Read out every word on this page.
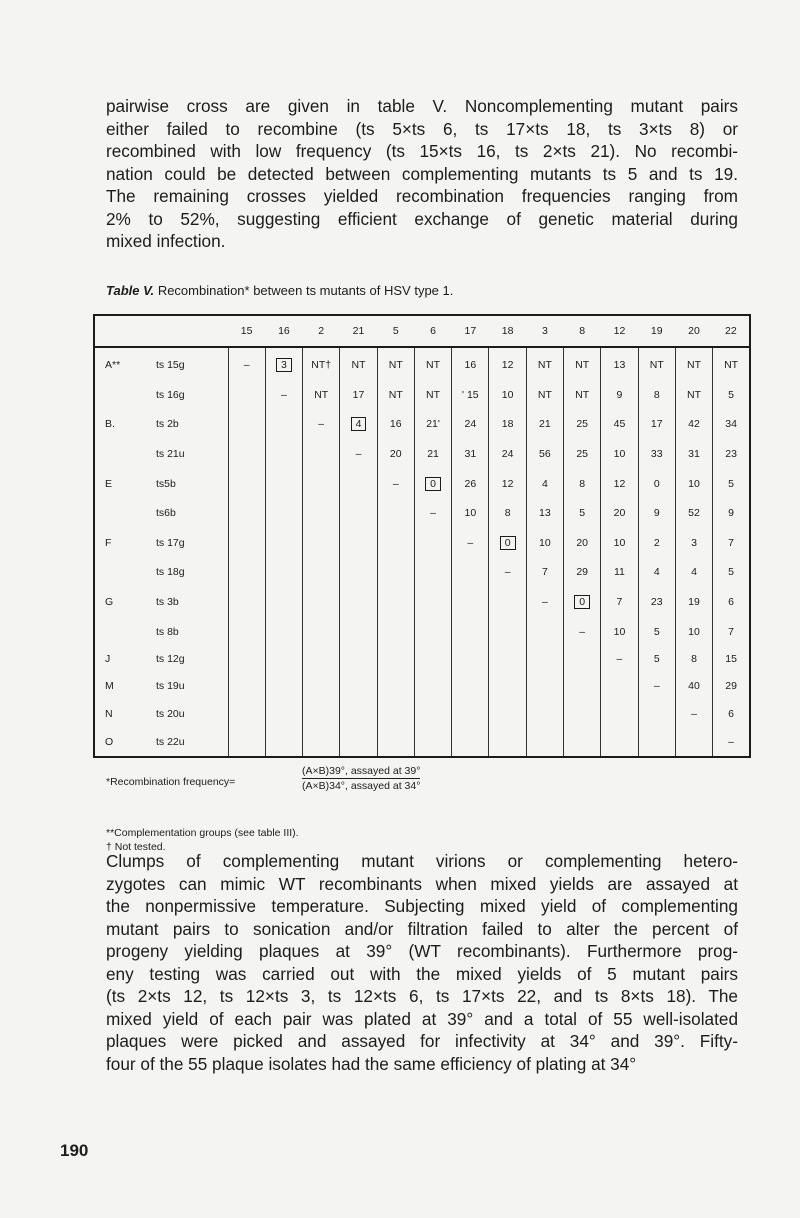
pairwise cross are given in table V. Noncomplementing mutant pairs
either failed to recombine (ts 5×ts 6, ts 17×ts 18, ts 3×ts 8) or
recombined with low frequency (ts 15×ts 16, ts 2×ts 21). No recombi-
nation could be detected between complementing mutants ts 5 and ts 19.
The remaining crosses yielded recombination frequencies ranging from
2% to 52%, suggesting efficient exchange of genetic material during
mixed infection.

Table V. Recombination* between ts mutants of HSV type 1.

		15	16	2	21	5	6	17	18	3	8	12	19	20	22
A**	ts 15g	–	3	NT†	NT	NT	NT	16	12	NT	NT	13	NT	NT	NT
	ts 16g		–	NT	17	NT	NT	' 15	10	NT	NT	9	8	NT	5
B.	ts 2b			–	4	16	21'	24	18	21	25	45	17	42	34
	ts 21u				–	20	21	31	24	56	25	10	33	31	23
E	ts5b					–	0	26	12	4	8	12	0	10	5
	ts6b						–	10	8	13	5	20	9	52	9
F	ts 17g							–	0	10	20	10	2	3	7
	ts 18g								–	7	29	11	4	4	5
G	ts 3b									–	0	7	23	19	6
	ts 8b										–	10	5	10	7
J	ts 12g											–	5	8	15
M	ts 19u												–	40	29
N	ts 20u													–	6
O	ts 22u														–
*Recombination frequency=
(A×B)39°, assayed at 39°
(A×B)34°, assayed at 34°
**Complementation groups (see table III).
† Not tested.
Clumps of complementing mutant virions or complementing hetero-
zygotes can mimic WT recombinants when mixed yields are assayed at
the nonpermissive temperature. Subjecting mixed yield of complementing
mutant pairs to sonication and/or filtration failed to alter the percent of
progeny yielding plaques at 39° (WT recombinants). Furthermore prog-
eny testing was carried out with the mixed yields of 5 mutant pairs
(ts 2×ts 12, ts 12×ts 3, ts 12×ts 6, ts 17×ts 22, and ts 8×ts 18). The
mixed yield of each pair was plated at 39° and a total of 55 well-isolated
plaques were picked and assayed for infectivity at 34° and 39°. Fifty-
four of the 55 plaque isolates had the same efficiency of plating at 34°
190
